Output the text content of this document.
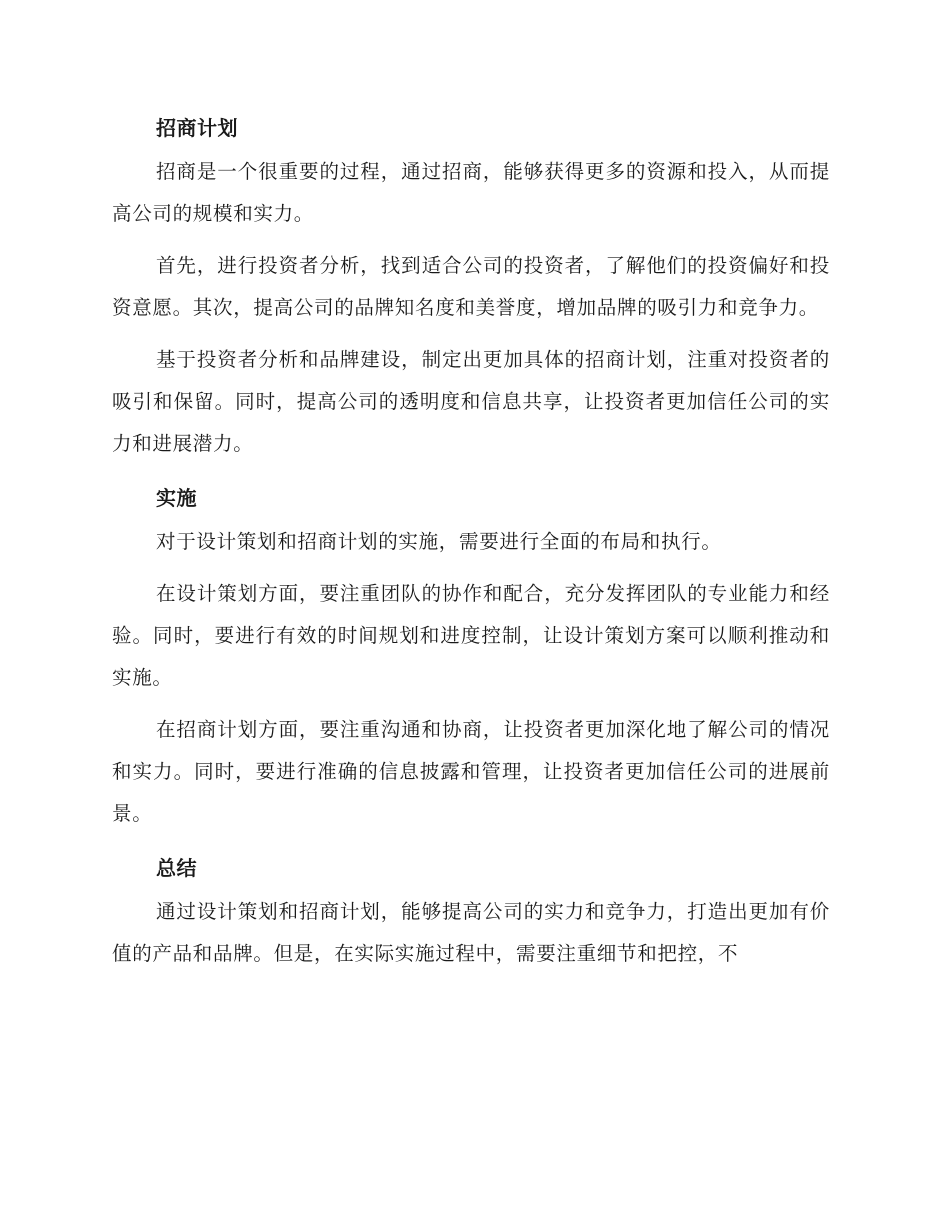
招商计划

招商是一个很重要的过程，通过招商，能够获得更多的资源和投入，从而提高公司的规模和实力。

首先，进行投资者分析，找到适合公司的投资者，了解他们的投资偏好和投资意愿。其次，提高公司的品牌知名度和美誉度，增加品牌的吸引力和竞争力。

基于投资者分析和品牌建设，制定出更加具体的招商计划，注重对投资者的吸引和保留。同时，提高公司的透明度和信息共享，让投资者更加信任公司的实力和进展潜力。

实施

对于设计策划和招商计划的实施，需要进行全面的布局和执行。

在设计策划方面，要注重团队的协作和配合，充分发挥团队的专业能力和经验。同时，要进行有效的时间规划和进度控制，让设计策划方案可以顺利推动和实施。

在招商计划方面，要注重沟通和协商，让投资者更加深化地了解公司的情况和实力。同时，要进行准确的信息披露和管理，让投资者更加信任公司的进展前景。

总结

通过设计策划和招商计划，能够提高公司的实力和竞争力，打造出更加有价值的产品和品牌。但是，在实际实施过程中，需要注重细节和把控，不
